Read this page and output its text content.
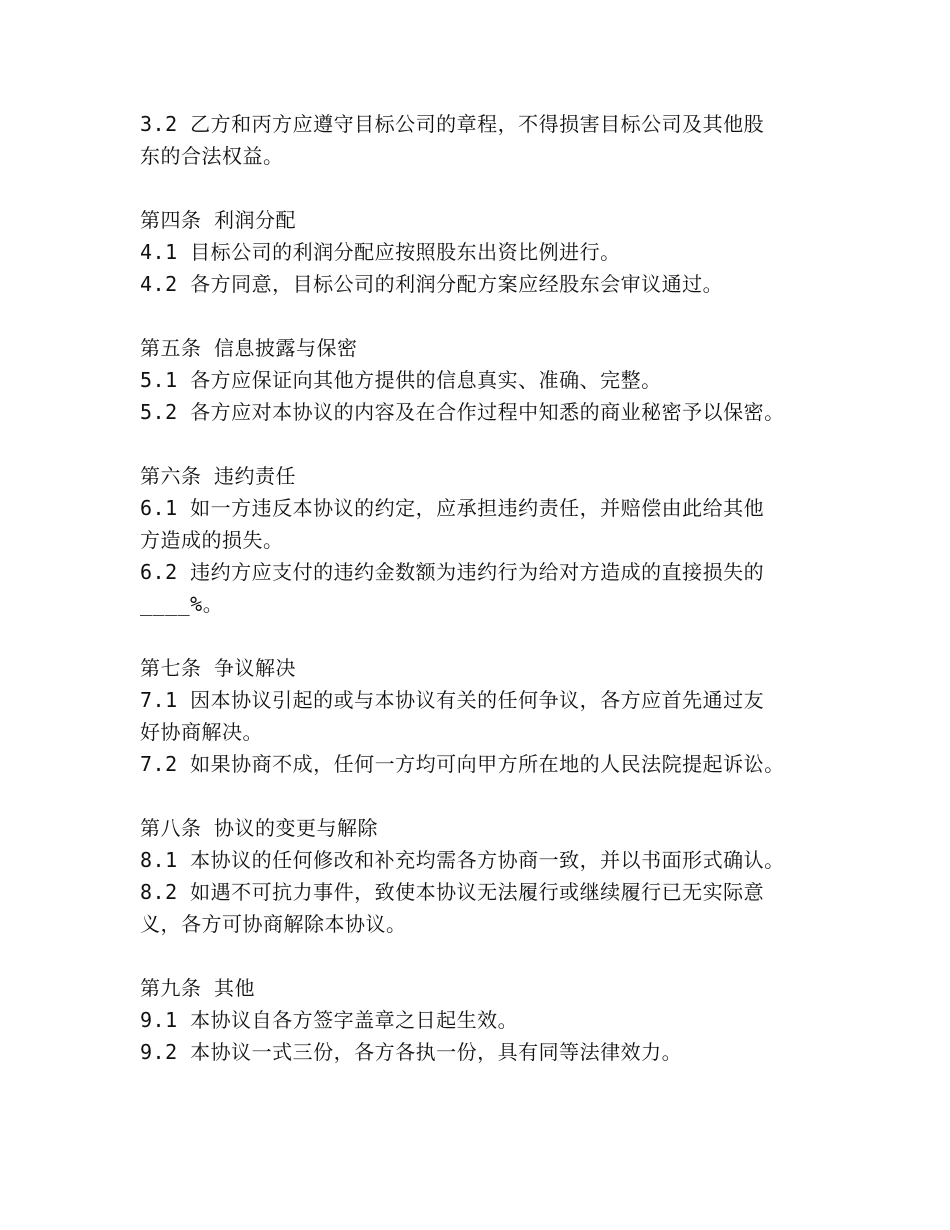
3.2 乙方和丙方应遵守目标公司的章程，不得损害目标公司及其他股

东的合法权益。

第四条 利润分配

4.1 目标公司的利润分配应按照股东出资比例进行。

4.2 各方同意，目标公司的利润分配方案应经股东会审议通过。

第五条 信息披露与保密

5.1 各方应保证向其他方提供的信息真实、准确、完整。

5.2 各方应对本协议的内容及在合作过程中知悉的商业秘密予以保密。

第六条 违约责任

6.1 如一方违反本协议的约定，应承担违约责任，并赔偿由此给其他

方造成的损失。

6.2 违约方应支付的违约金数额为违约行为给对方造成的直接损失的

____%。

第七条 争议解决

7.1 因本协议引起的或与本协议有关的任何争议，各方应首先通过友

好协商解决。

7.2 如果协商不成，任何一方均可向甲方所在地的人民法院提起诉讼。

第八条 协议的变更与解除

8.1 本协议的任何修改和补充均需各方协商一致，并以书面形式确认。

8.2 如遇不可抗力事件，致使本协议无法履行或继续履行已无实际意

义，各方可协商解除本协议。

第九条 其他

9.1 本协议自各方签字盖章之日起生效。

9.2 本协议一式三份，各方各执一份，具有同等法律效力。
